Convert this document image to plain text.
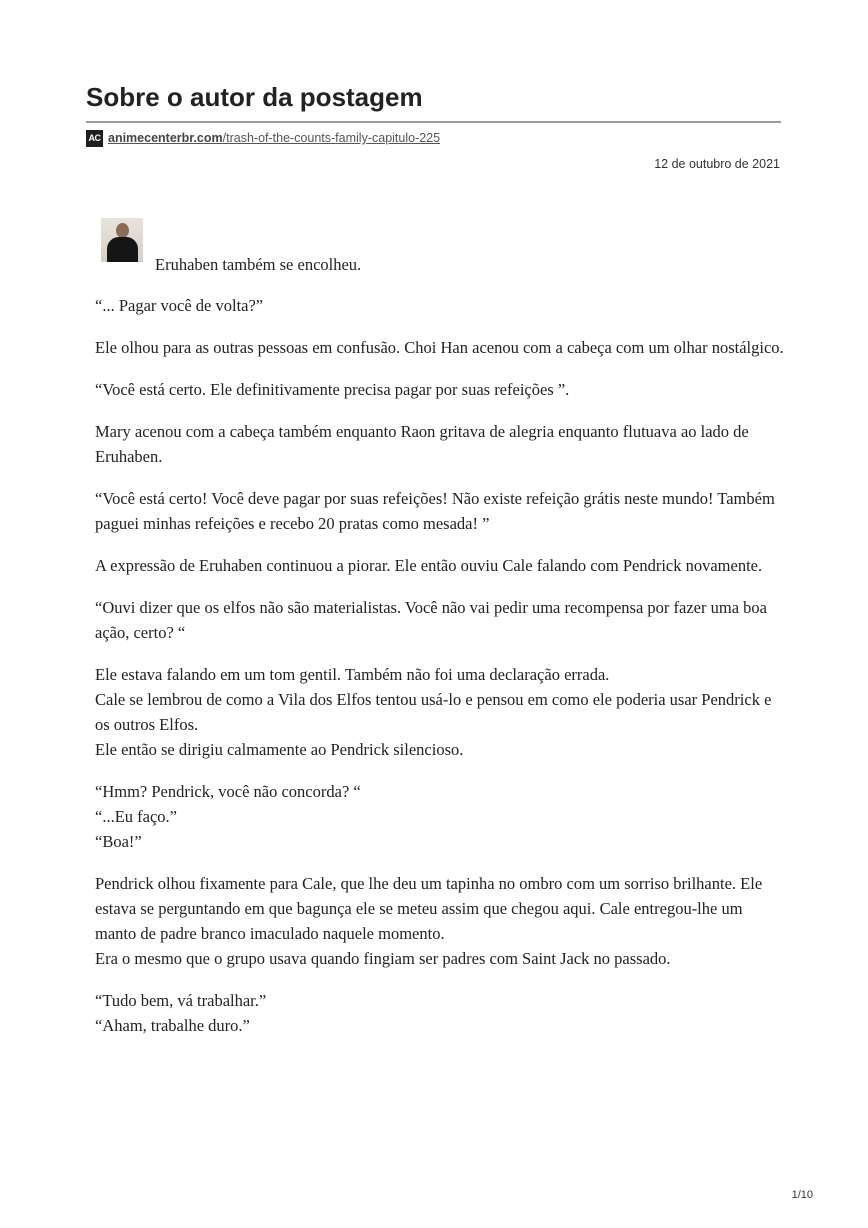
Sobre o autor da postagem
AC animecenterbr.com/trash-of-the-counts-family-capitulo-225
12 de outubro de 2021

Eruhaben também se encolheu.

“... Pagar você de volta?”

Ele olhou para as outras pessoas em confusão. Choi Han acenou com a cabeça com um olhar nostálgico.

“Você está certo. Ele definitivamente precisa pagar por suas refeições ”.

Mary acenou com a cabeça também enquanto Raon gritava de alegria enquanto flutuava ao lado de Eruhaben.

“Você está certo! Você deve pagar por suas refeições! Não existe refeição grátis neste mundo! Também paguei minhas refeições e recebo 20 pratas como mesada! ”

A expressão de Eruhaben continuou a piorar. Ele então ouviu Cale falando com Pendrick novamente.

“Ouvi dizer que os elfos não são materialistas. Você não vai pedir uma recompensa por fazer uma boa ação, certo? “

Ele estava falando em um tom gentil. Também não foi uma declaração errada.
Cale se lembrou de como a Vila dos Elfos tentou usá-lo e pensou em como ele poderia usar Pendrick e os outros Elfos.
Ele então se dirigiu calmamente ao Pendrick silencioso.

“Hmm? Pendrick, você não concorda? “
“...Eu faço.”
“Boa!”

Pendrick olhou fixamente para Cale, que lhe deu um tapinha no ombro com um sorriso brilhante. Ele estava se perguntando em que bagunça ele se meteu assim que chegou aqui. Cale entregou-lhe um manto de padre branco imaculado naquele momento.
Era o mesmo que o grupo usava quando fingiam ser padres com Saint Jack no passado.

“Tudo bem, vá trabalhar.”
“Aham, trabalhe duro.”

1/10
